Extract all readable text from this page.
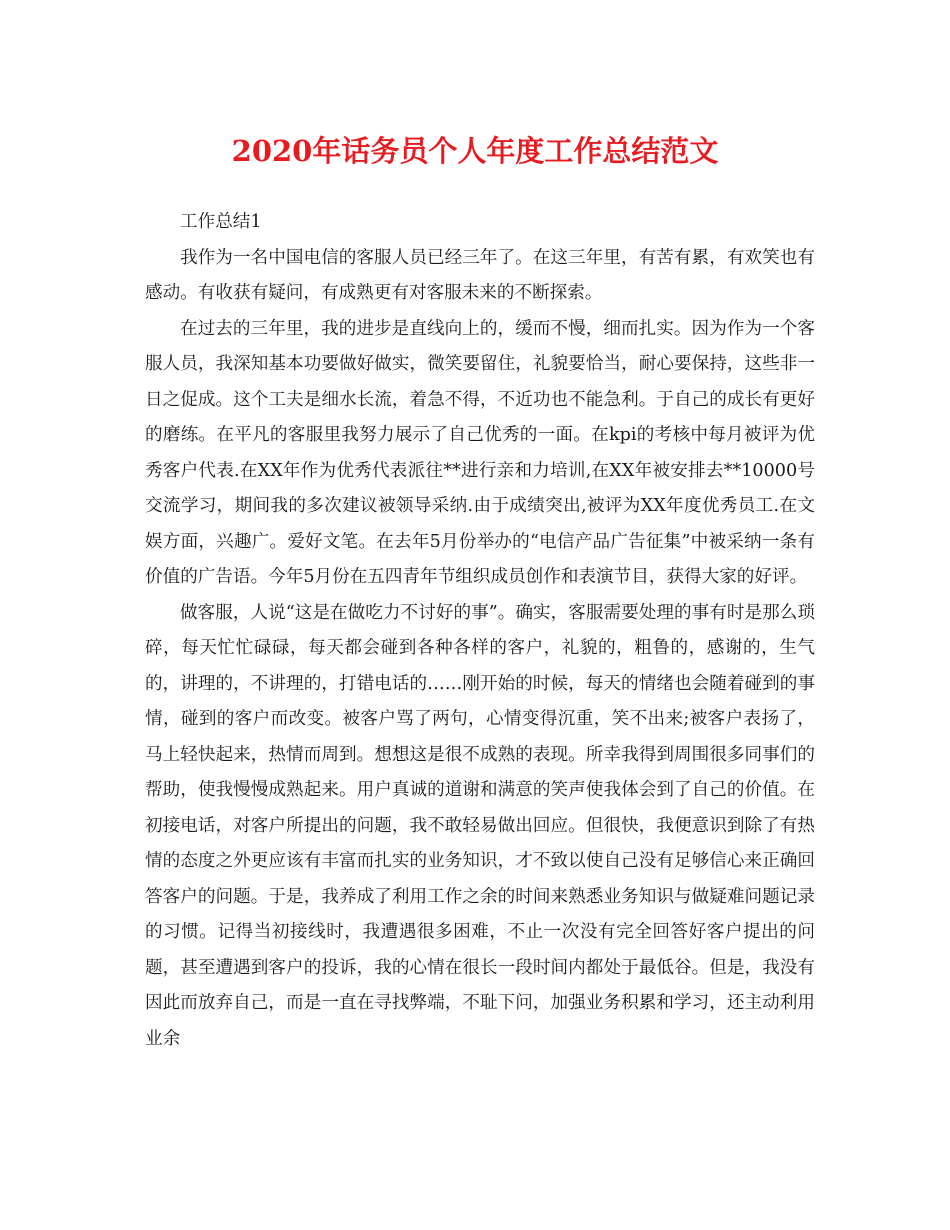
2020年话务员个人年度工作总结范文

工作总结1

我作为一名中国电信的客服人员已经三年了。在这三年里，有苦有累，有欢笑也有感动。有收获有疑问，有成熟更有对客服未来的不断探索。

在过去的三年里，我的进步是直线向上的，缓而不慢，细而扎实。因为作为一个客服人员，我深知基本功要做好做实，微笑要留住，礼貌要恰当，耐心要保持，这些非一日之促成。这个工夫是细水长流，着急不得，不近功也不能急利。于自己的成长有更好的磨练。在平凡的客服里我努力展示了自己优秀的一面。在kpi的考核中每月被评为优秀客户代表.在XX年作为优秀代表派往**进行亲和力培训,在XX年被安排去**10000号交流学习，期间我的多次建议被领导采纳.由于成绩突出,被评为XX年度优秀员工.在文娱方面，兴趣广。爱好文笔。在去年5月份举办的“电信产品广告征集”中被采纳一条有价值的广告语。今年5月份在五四青年节组织成员创作和表演节目，获得大家的好评。

做客服，人说“这是在做吃力不讨好的事”。确实，客服需要处理的事有时是那么琐碎，每天忙忙碌碌，每天都会碰到各种各样的客户，礼貌的，粗鲁的，感谢的，生气的，讲理的，不讲理的，打错电话的……刚开始的时候，每天的情绪也会随着碰到的事情，碰到的客户而改变。被客户骂了两句，心情变得沉重，笑不出来;被客户表扬了，马上轻快起来，热情而周到。想想这是很不成熟的表现。所幸我得到周围很多同事们的帮助，使我慢慢成熟起来。用户真诚的道谢和满意的笑声使我体会到了自己的价值。在初接电话，对客户所提出的问题，我不敢轻易做出回应。但很快，我便意识到除了有热情的态度之外更应该有丰富而扎实的业务知识，才不致以使自己没有足够信心来正确回答客户的问题。于是，我养成了利用工作之余的时间来熟悉业务知识与做疑难问题记录的习惯。记得当初接线时，我遭遇很多困难，不止一次没有完全回答好客户提出的问题，甚至遭遇到客户的投诉，我的心情在很长一段时间内都处于最低谷。但是，我没有因此而放弃自己，而是一直在寻找弊端，不耻下问，加强业务积累和学习，还主动利用业余
